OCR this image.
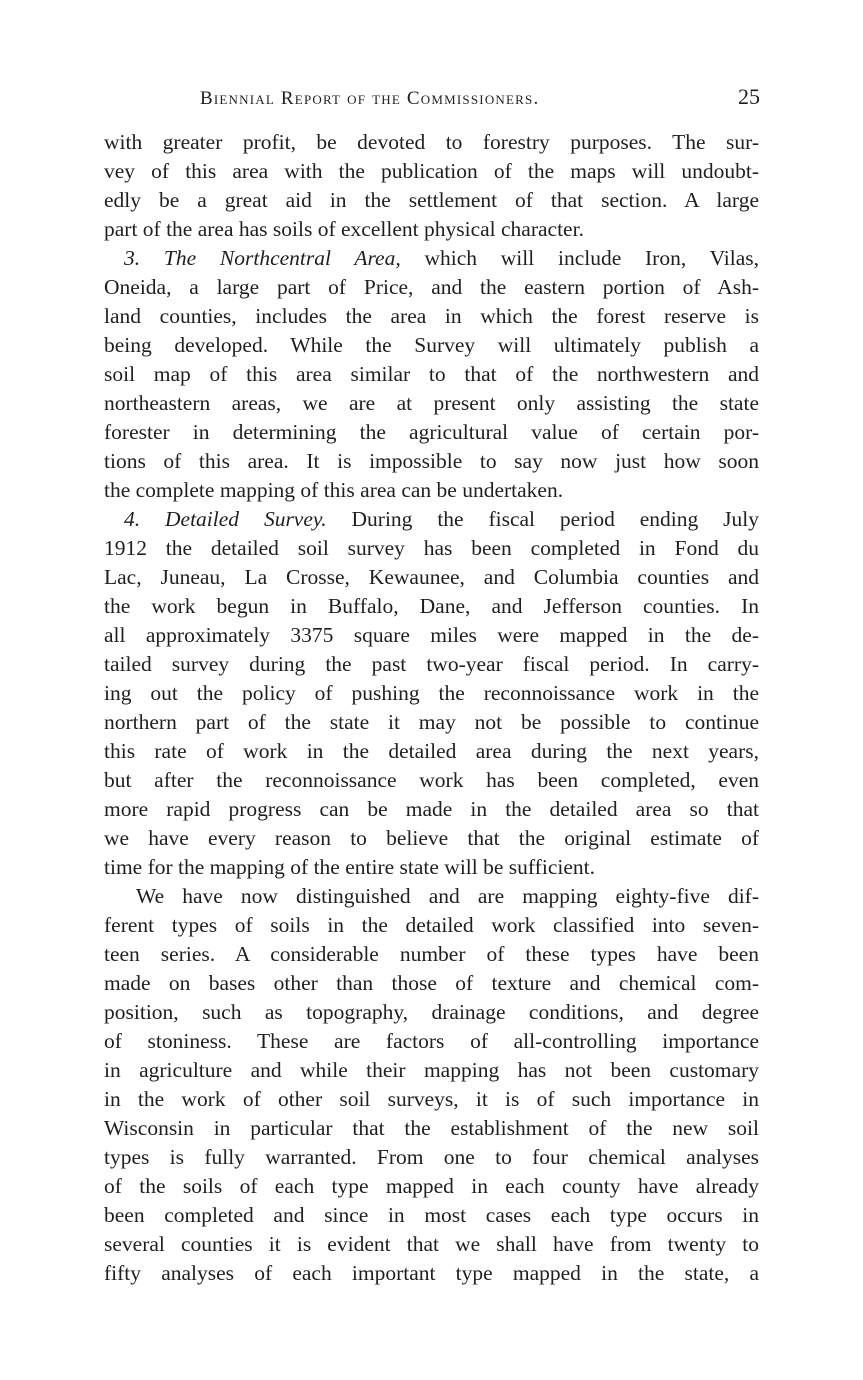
Biennial Report of the Commissioners.	25
with greater profit, be devoted to forestry purposes. The sur-
vey of this area with the publication of the maps will undoubt-
edly be a great aid in the settlement of that section. A large
part of the area has soils of excellent physical character.
3. The Northcentral Area, which will include Iron, Vilas,
Oneida, a large part of Price, and the eastern portion of Ash-
land counties, includes the area in which the forest reserve is
being developed. While the Survey will ultimately publish a
soil map of this area similar to that of the northwestern and
northeastern areas, we are at present only assisting the state
forester in determining the agricultural value of certain por-
tions of this area. It is impossible to say now just how soon
the complete mapping of this area can be undertaken.
4. Detailed Survey. During the fiscal period ending July
1912 the detailed soil survey has been completed in Fond du
Lac, Juneau, La Crosse, Kewaunee, and Columbia counties and
the work begun in Buffalo, Dane, and Jefferson counties. In
all approximately 3375 square miles were mapped in the de-
tailed survey during the past two-year fiscal period. In carry-
ing out the policy of pushing the reconnoissance work in the
northern part of the state it may not be possible to continue
this rate of work in the detailed area during the next years,
but after the reconnoissance work has been completed, even
more rapid progress can be made in the detailed area so that
we have every reason to believe that the original estimate of
time for the mapping of the entire state will be sufficient.
We have now distinguished and are mapping eighty-five dif-
ferent types of soils in the detailed work classified into seven-
teen series. A considerable number of these types have been
made on bases other than those of texture and chemical com-
position, such as topography, drainage conditions, and degree
of stoniness. These are factors of all-controlling importance
in agriculture and while their mapping has not been customary
in the work of other soil surveys, it is of such importance in
Wisconsin in particular that the establishment of the new soil
types is fully warranted. From one to four chemical analyses
of the soils of each type mapped in each county have already
been completed and since in most cases each type occurs in
several counties it is evident that we shall have from twenty to
fifty analyses of each important type mapped in the state, a
